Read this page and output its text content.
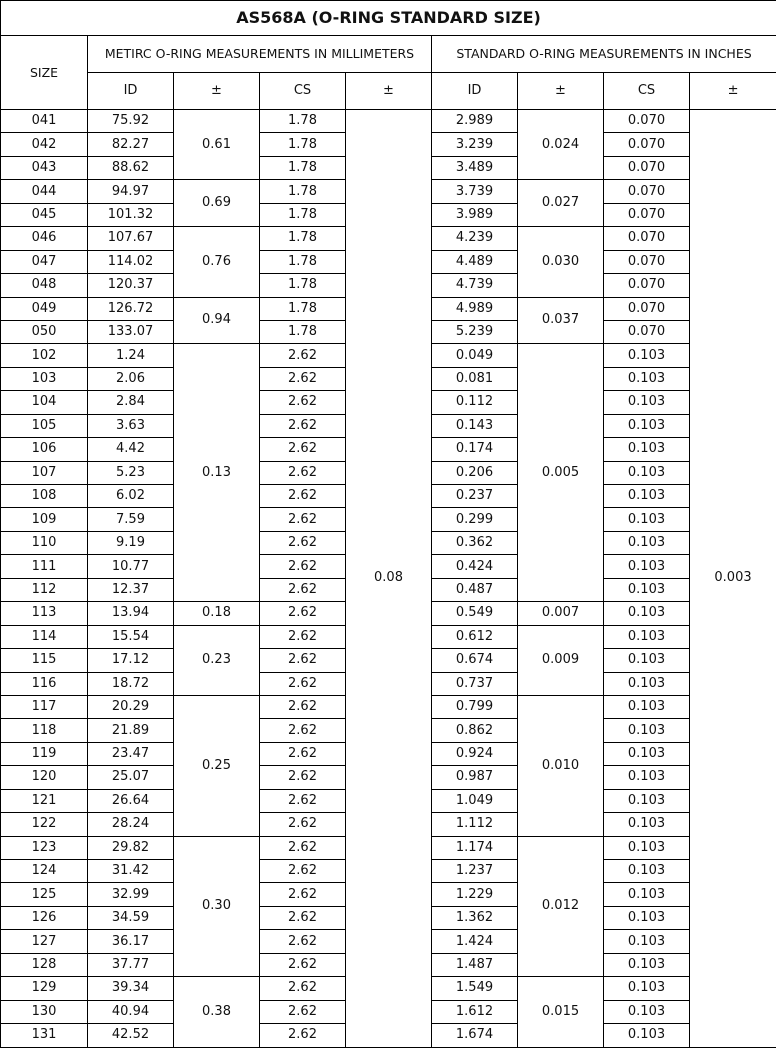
AS568A (O-RING STANDARD SIZE)								
SIZE	METIRC O-RING MEASUREMENTS IN MILLIMETERS				STANDARD O-RING MEASUREMENTS IN INCHES			
	ID	±	CS	±	ID	±	CS	±
041	75.92	0.61	1.78	0.08	2.989	0.024	0.070	0.003
042	82.27		1.78		3.239		0.070	
043	88.62		1.78		3.489		0.070	
044	94.97	0.69	1.78		3.739	0.027	0.070	
045	101.32		1.78		3.989		0.070	
046	107.67	0.76	1.78		4.239	0.030	0.070	
047	114.02		1.78		4.489		0.070	
048	120.37		1.78		4.739		0.070	
049	126.72	0.94	1.78		4.989	0.037	0.070	
050	133.07		1.78		5.239		0.070	
102	1.24	0.13	2.62		0.049	0.005	0.103	
103	2.06		2.62		0.081		0.103	
104	2.84		2.62		0.112		0.103	
105	3.63		2.62		0.143		0.103	
106	4.42		2.62		0.174		0.103	
107	5.23		2.62		0.206		0.103	
108	6.02		2.62		0.237		0.103	
109	7.59		2.62		0.299		0.103	
110	9.19		2.62		0.362		0.103	
111	10.77		2.62		0.424		0.103	
112	12.37		2.62		0.487		0.103	
113	13.94	0.18	2.62		0.549	0.007	0.103	
114	15.54	0.23	2.62		0.612	0.009	0.103	
115	17.12		2.62		0.674		0.103	
116	18.72		2.62		0.737		0.103	
117	20.29	0.25	2.62		0.799	0.010	0.103	
118	21.89		2.62		0.862		0.103	
119	23.47		2.62		0.924		0.103	
120	25.07		2.62		0.987		0.103	
121	26.64		2.62		1.049		0.103	
122	28.24		2.62		1.112		0.103	
123	29.82	0.30	2.62		1.174	0.012	0.103	
124	31.42		2.62		1.237		0.103	
125	32.99		2.62		1.229		0.103	
126	34.59		2.62		1.362		0.103	
127	36.17		2.62		1.424		0.103	
128	37.77		2.62		1.487		0.103	
129	39.34	0.38	2.62		1.549	0.015	0.103	
130	40.94		2.62		1.612		0.103	
131	42.52		2.62		1.674		0.103	
